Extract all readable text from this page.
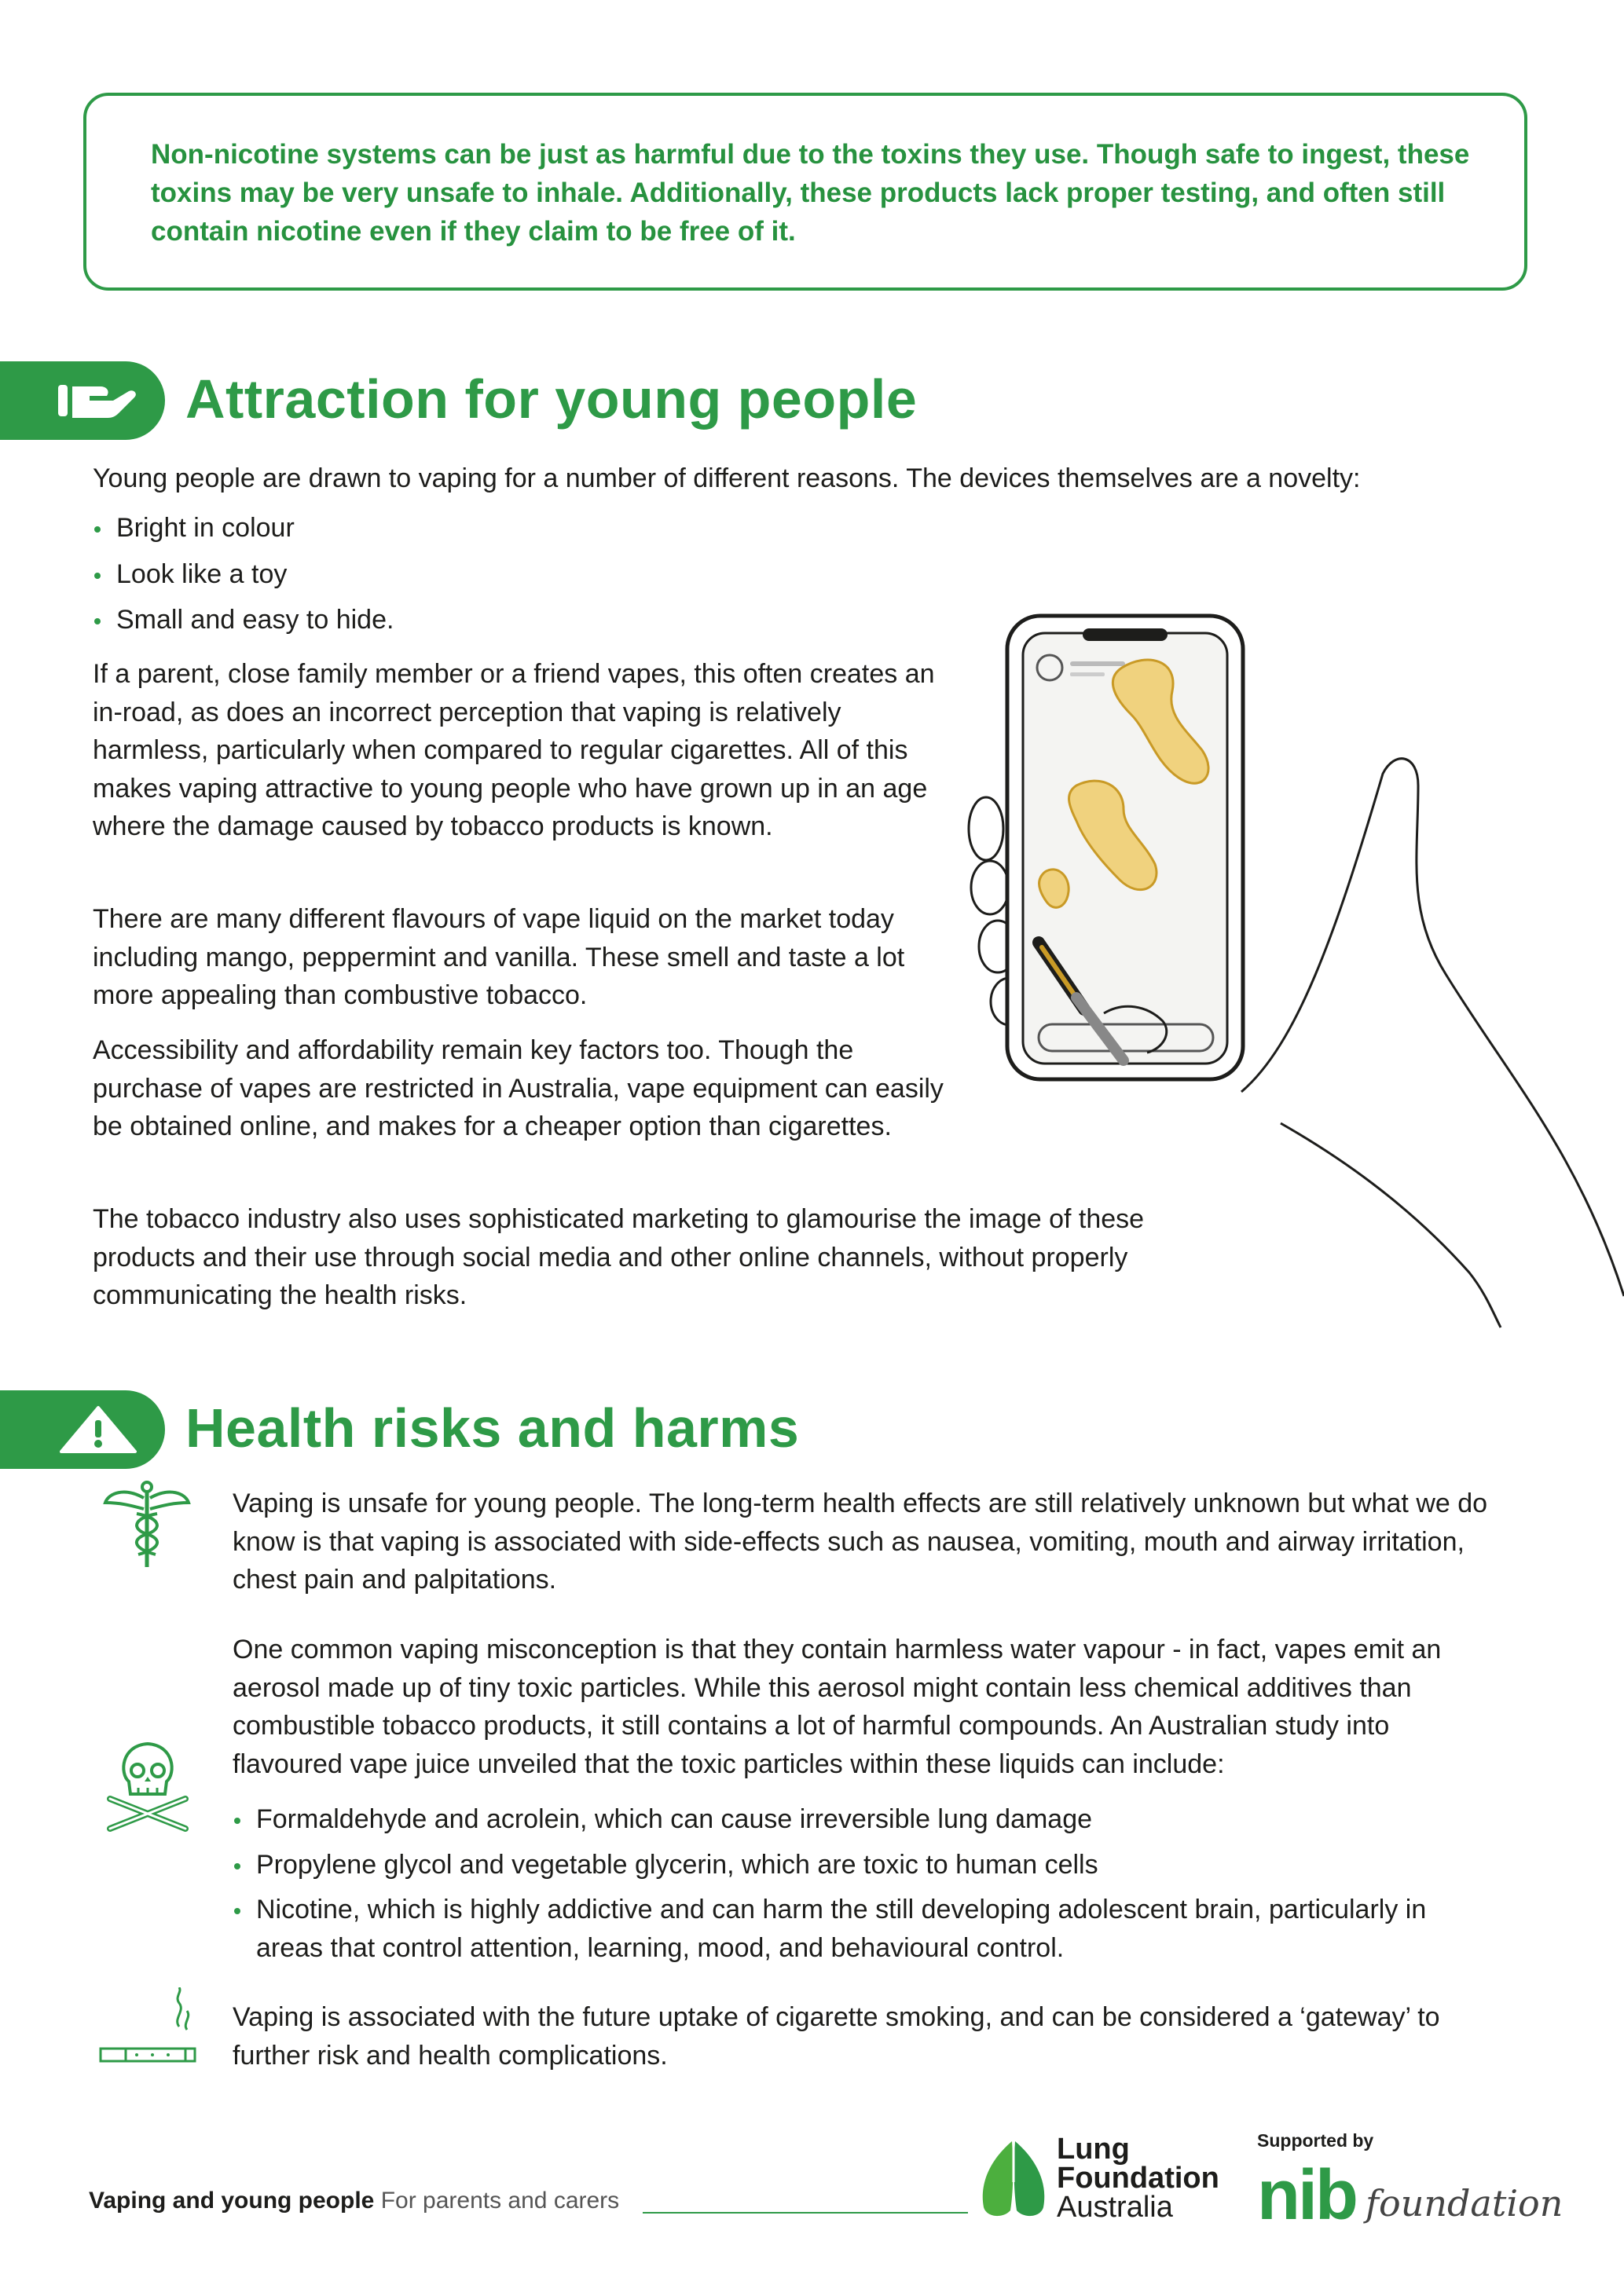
Non-nicotine systems can be just as harmful due to the toxins they use. Though safe to ingest, these toxins may be very unsafe to inhale. Additionally, these products lack proper testing, and often still contain nicotine even if they claim to be free of it.

Attraction for young people

Young people are drawn to vaping for a number of different reasons. The devices themselves are a novelty:

Bright in colour
Look like a toy
Small and easy to hide.

If a parent, close family member or a friend vapes, this often creates an in-road, as does an incorrect perception that vaping is relatively harmless, particularly when compared to regular cigarettes. All of this makes vaping attractive to young people who have grown up in an age where the damage caused by tobacco products is known.

There are many different flavours of vape liquid on the market today including mango, peppermint and vanilla. These smell and taste a lot more appealing than combustive tobacco.

Accessibility and affordability remain key factors too. Though the purchase of vapes are restricted in Australia, vape equipment can easily be obtained online, and makes for a cheaper option than cigarettes.

The tobacco industry also uses sophisticated marketing to glamourise the image of these products and their use through social media and other online channels, without properly communicating the health risks.

Health risks and harms

Vaping is unsafe for young people. The long-term health effects are still relatively unknown but what we do know is that vaping is associated with side-effects such as nausea, vomiting, mouth and airway irritation, chest pain and palpitations.

One common vaping misconception is that they contain harmless water vapour - in fact, vapes emit an aerosol made up of tiny toxic particles. While this aerosol might contain less chemical additives than combustible tobacco products, it still contains a lot of harmful compounds. An Australian study into flavoured vape juice unveiled that the toxic particles within these liquids can include:

Formaldehyde and acrolein, which can cause irreversible lung damage
Propylene glycol and vegetable glycerin, which are toxic to human cells
Nicotine, which is highly addictive and can harm the still developing adolescent brain, particularly in areas that control attention, learning, mood, and behavioural control.

Vaping is associated with the future uptake of cigarette smoking, and can be considered a ‘gateway’ to further risk and health complications.

Vaping and young people For parents and carers
Lung
Foundation
Australia
Supported by
nib foundation
